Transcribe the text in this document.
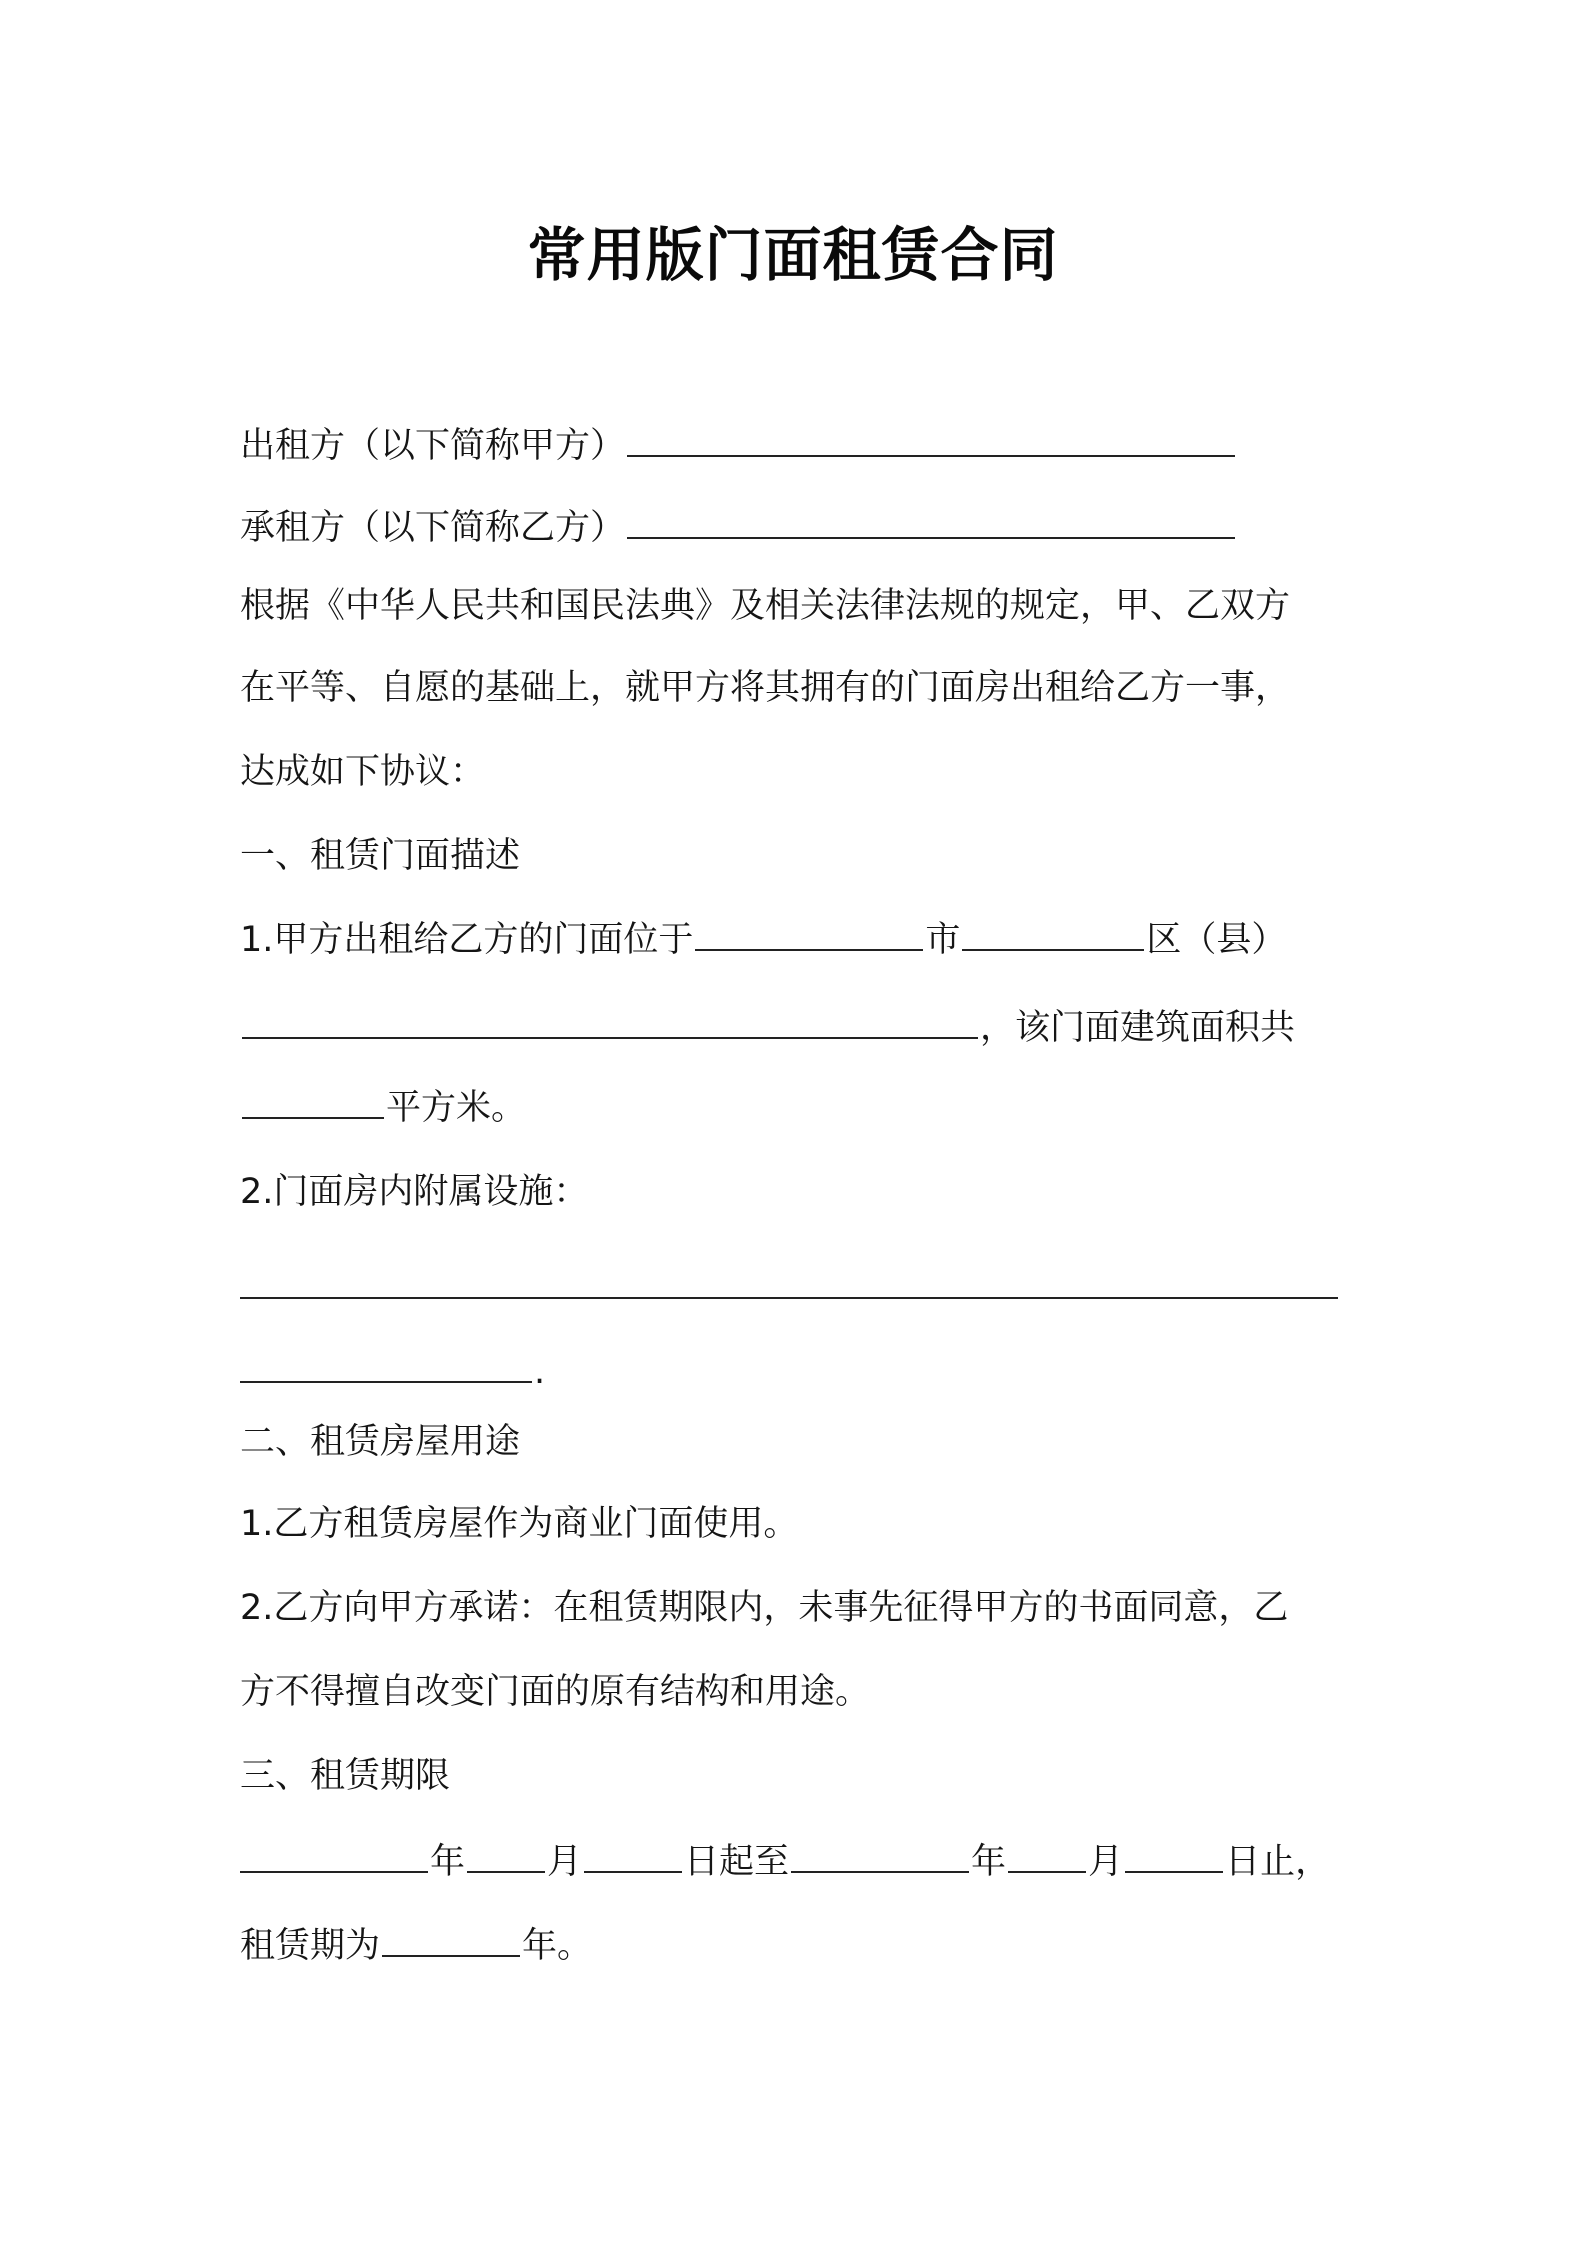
常用版门面租赁合同
出租方（以下简称甲方）
承租方（以下简称乙方）
根据《中华人民共和国民法典》及相关法律法规的规定，甲、乙双方
在平等、自愿的基础上，就甲方将其拥有的门面房出租给乙方一事，
达成如下协议：
一、租赁门面描述
1.甲方出租给乙方的门面位于	市	区（县）
，该门面建筑面积共
平方米。
2.门面房内附属设施：
.
二、租赁房屋用途
1.乙方租赁房屋作为商业门面使用。
2.乙方向甲方承诺：在租赁期限内，未事先征得甲方的书面同意，乙
方不得擅自改变门面的原有结构和用途。
三、租赁期限
年 月	日起至	年 月	日止，
租赁期为	年。
